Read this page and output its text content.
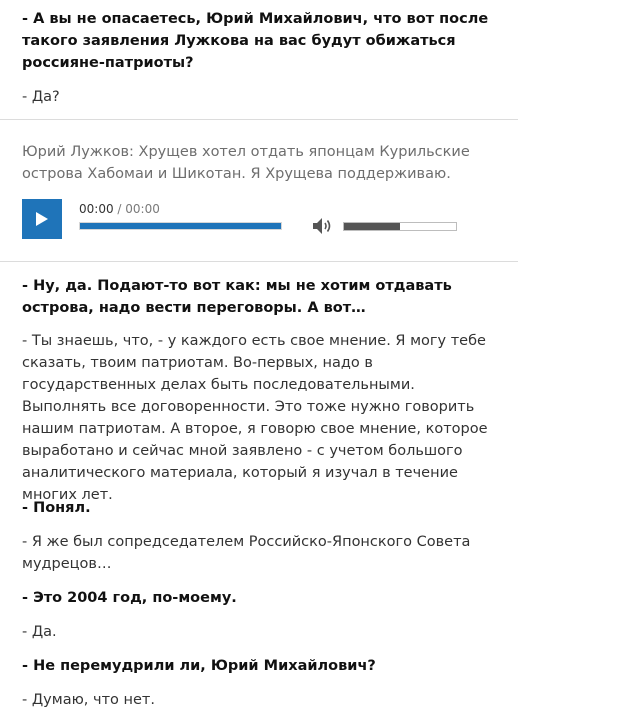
- А вы не опасаетесь, Юрий Михайлович, что вот после такого заявления Лужкова на вас будут обижаться россияне-патриоты?

- Да?

Юрий Лужков: Хрущев хотел отдать японцам Курильские острова Хабомаи и Шикотан. Я Хрущева поддерживаю.

00:00 / 00:00

- Ну, да. Подают-то вот как: мы не хотим отдавать острова, надо вести переговоры. А вот…

- Ты знаешь, что, - у каждого есть свое мнение. Я могу тебе сказать, твоим патриотам. Во-первых, надо в государственных делах быть последовательными. Выполнять все договоренности. Это тоже нужно говорить нашим патриотам. А второе, я говорю свое мнение, которое выработано и сейчас мной заявлено - с учетом большого аналитического материала, который я изучал в течение многих лет.

- Понял.

- Я же был сопредседателем Российско-Японского Совета мудрецов…

- Это 2004 год, по-моему.

- Да.

- Не перемудрили ли, Юрий Михайлович?

- Думаю, что нет.
